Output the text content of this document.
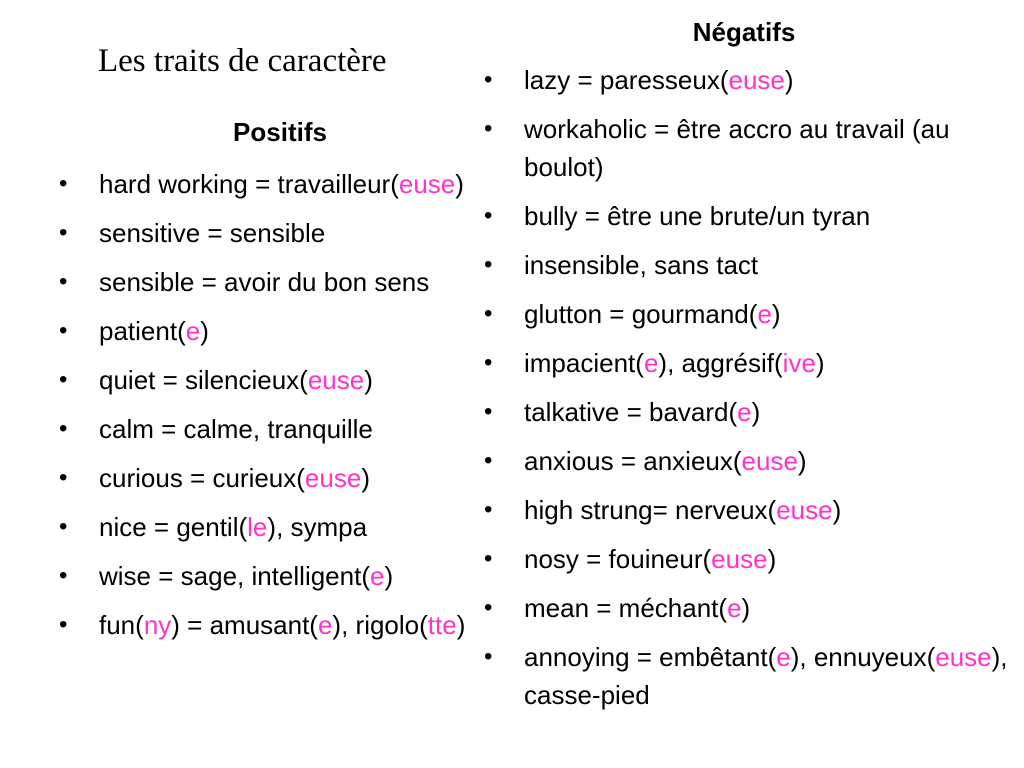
Les traits de caractère
Positifs
• hard working = travailleur(euse)
• sensitive = sensible
• sensible = avoir du bon sens
• patient(e)
• quiet = silencieux(euse)
• calm = calme, tranquille
• curious = curieux(euse)
• nice = gentil(le), sympa
• wise = sage, intelligent(e)
• fun(ny) = amusant(e), rigolo(tte)
Négatifs
• lazy = paresseux(euse)
• workaholic = être accro au travail (au boulot)
• bully = être une brute/un tyran
• insensible, sans tact
• glutton = gourmand(e)
• impacient(e), aggrésif(ive)
• talkative = bavard(e)
• anxious = anxieux(euse)
• high strung= nerveux(euse)
• nosy = fouineur(euse)
• mean = méchant(e)
• annoying = embêtant(e), ennuyeux(euse), casse-pied
